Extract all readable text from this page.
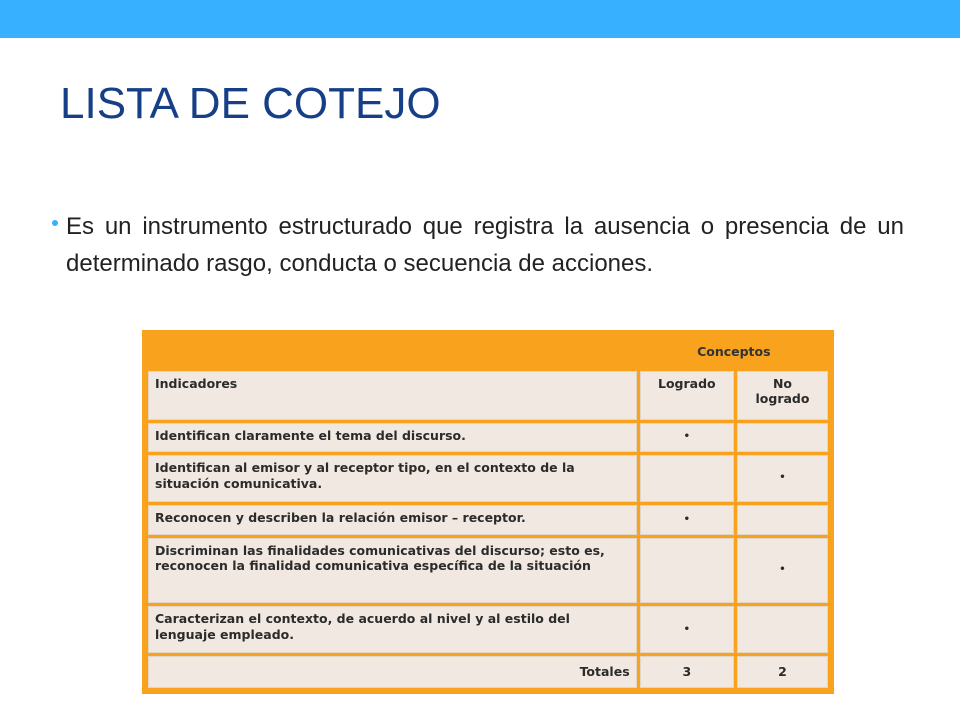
LISTA DE COTEJO

Es un instrumento estructurado que registra la ausencia o presencia de un determinado rasgo, conducta o secuencia de acciones.

	Conceptos	
Indicadores	Logrado	No logrado
Identifican claramente el tema del discurso.	•	
Identifican al emisor y al receptor tipo, en el contexto de la situación comunicativa.		•
Reconocen y describen la relación emisor – receptor.	•	
Discriminan las finalidades comunicativas del discurso; esto es, reconocen la finalidad comunicativa específica de la situación		•
Caracterizan el contexto, de acuerdo al nivel y al estilo del lenguaje empleado.	•	
Totales	3	2
